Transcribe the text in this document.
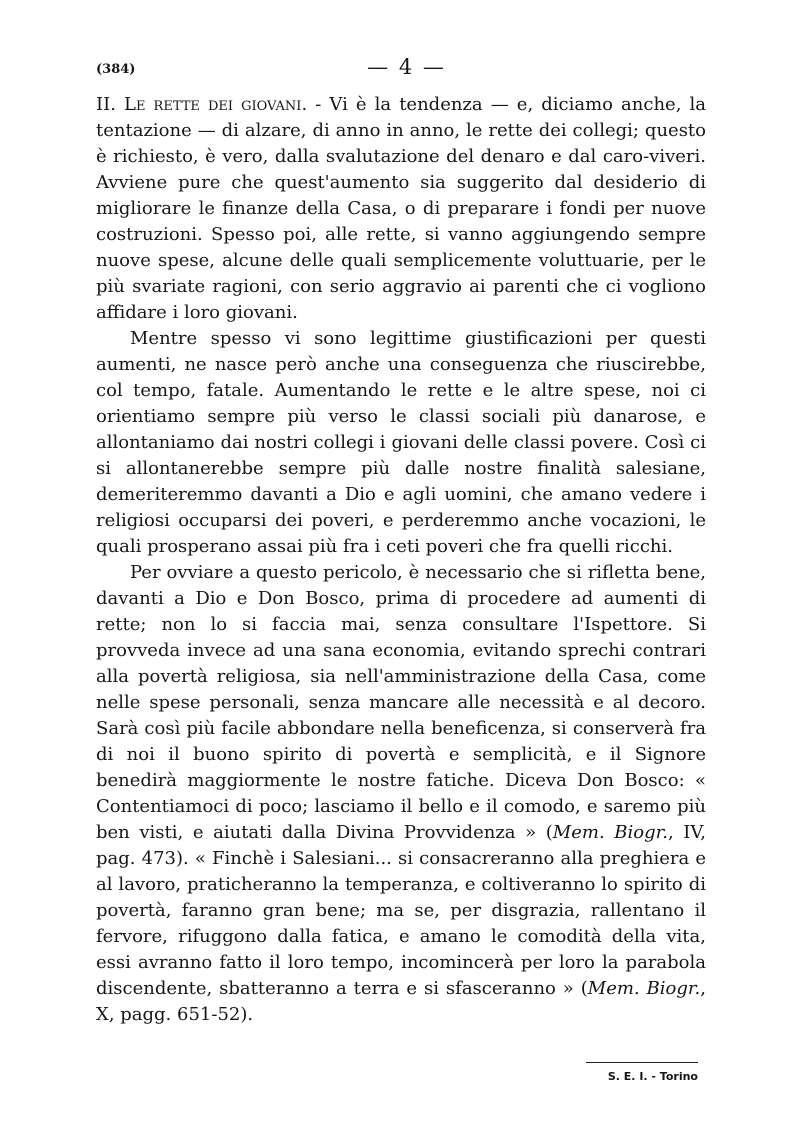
(384)	— 4 —

II. Le rette dei giovani. - Vi è la tendenza — e, diciamo anche, la tentazione — di alzare, di anno in anno, le rette dei collegi; questo è richiesto, è vero, dalla svalutazione del denaro e dal caro-viveri. Avviene pure che quest'aumento sia suggerito dal desiderio di migliorare le finanze della Casa, o di preparare i fondi per nuove costruzioni. Spesso poi, alle rette, si vanno aggiungendo sempre nuove spese, alcune delle quali semplicemente voluttuarie, per le più svariate ragioni, con serio aggravio ai parenti che ci vogliono affidare i loro giovani.

Mentre spesso vi sono legittime giustificazioni per questi aumenti, ne nasce però anche una conseguenza che riuscirebbe, col tempo, fatale. Aumentando le rette e le altre spese, noi ci orientiamo sempre più verso le classi sociali più danarose, e allontaniamo dai nostri collegi i giovani delle classi povere. Così ci si allontanerebbe sempre più dalle nostre finalità salesiane, demeriteremmo davanti a Dio e agli uomini, che amano vedere i religiosi occuparsi dei poveri, e perderemmo anche vocazioni, le quali prosperano assai più fra i ceti poveri che fra quelli ricchi.

Per ovviare a questo pericolo, è necessario che si rifletta bene, davanti a Dio e Don Bosco, prima di procedere ad aumenti di rette; non lo si faccia mai, senza consultare l'Ispettore. Si provveda invece ad una sana economia, evitando sprechi contrari alla povertà religiosa, sia nell'amministrazione della Casa, come nelle spese personali, senza mancare alle necessità e al decoro. Sarà così più facile abbondare nella beneficenza, si conserverà fra di noi il buono spirito di povertà e semplicità, e il Signore benedirà maggiormente le nostre fatiche. Diceva Don Bosco: « Contentiamoci di poco; lasciamo il bello e il comodo, e saremo più ben visti, e aiutati dalla Divina Provvidenza » (Mem. Biogr., IV, pag. 473). « Finchè i Salesiani... si consacreranno alla preghiera e al lavoro, praticheranno la temperanza, e coltiveranno lo spirito di povertà, faranno gran bene; ma se, per disgrazia, rallentano il fervore, rifuggono dalla fatica, e amano le comodità della vita, essi avranno fatto il loro tempo, incomincerà per loro la parabola discendente, sbatteranno a terra e si sfasceranno » (Mem. Biogr., X, pagg. 651-52).

S. E. I. - Torino
